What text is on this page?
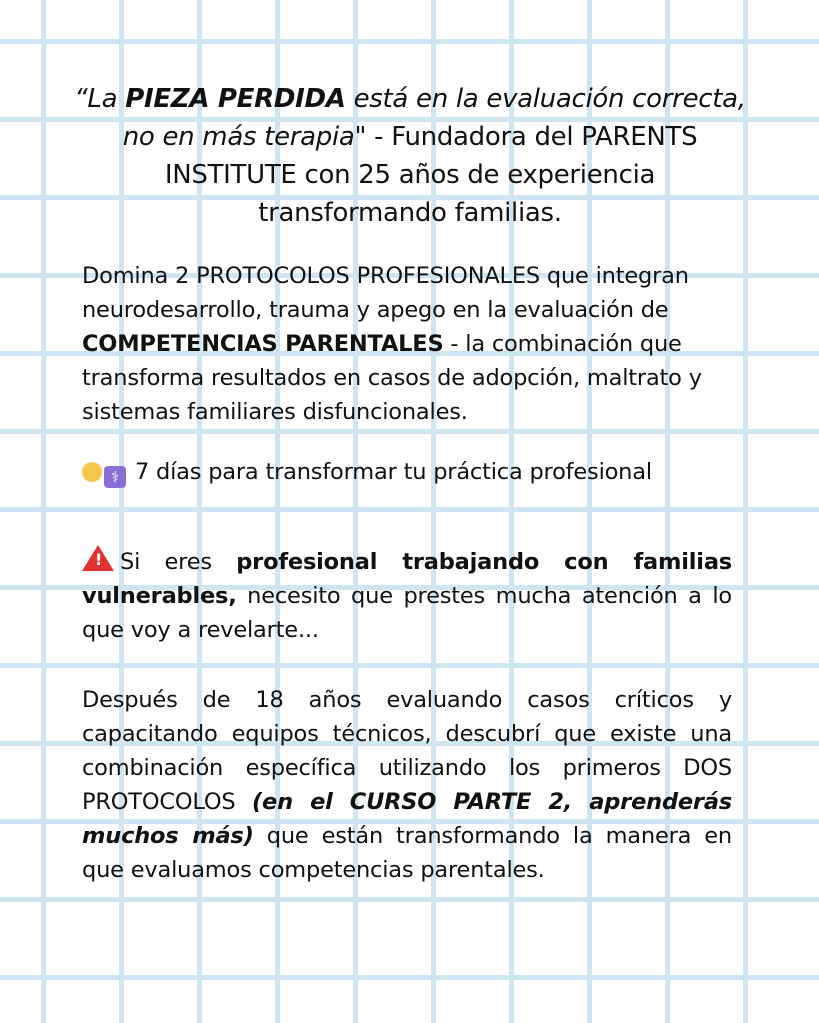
“La PIEZA PERDIDA está en la evaluación correcta, no en más terapia" - Fundadora del PARENTS INSTITUTE con 25 años de experiencia transformando familias.
Domina 2 PROTOCOLOS PROFESIONALES que integran neurodesarrollo, trauma y apego en la evaluación de COMPETENCIAS PARENTALES - la combinación que transforma resultados en casos de adopción, maltrato y sistemas familiares disfuncionales.
⚕ 7 días para transformar tu práctica profesional
! Si eres profesional trabajando con familias vulnerables, necesito que prestes mucha atención a lo que voy a revelarte...
Después de 18 años evaluando casos críticos y capacitando equipos técnicos, descubrí que existe una combinación específica utilizando los primeros DOS PROTOCOLOS (en el CURSO PARTE 2, aprenderás muchos más) que están transformando la manera en que evaluamos competencias parentales.
